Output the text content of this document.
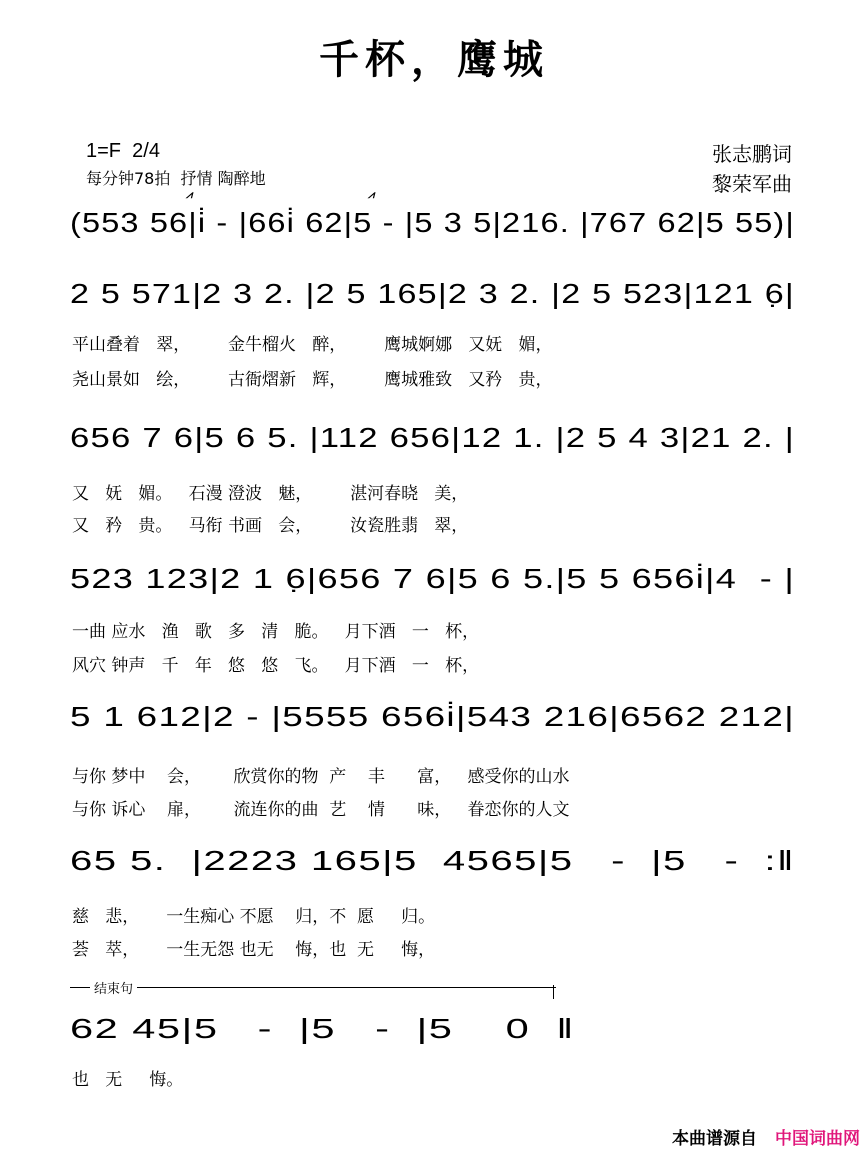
千杯，鹰城
1=F  2/4
每分钟78拍  抒情 陶醉地
张志鹏词
黎荣军曲
⩘	⩘
(553 56|i̇ - |66i̇ 62|5 - |5 3 5|216. |767 62|5 55)|
2 5 571|2 3 2. |2 5 165|2 3 2. |2 5 523|121 6̣|
平山叠着   翠，       金牛榴火   醉，       鹰城婀娜   又妩   媚，
尧山景如   绘，       古衙熠新   辉，       鹰城雅致   又矜   贵，
656 7 6|5 6 5. |112 656|12 1. |2 5 4 3|21 2. |
又   妩   媚。   石漫 澄波   魅，       湛河春晓   美，
又   矜   贵。   马衔 书画   会，       汝瓷胜翡   翠，
523 123|2 1 6̣|656 7 6|5 6 5.|5 5 656i̇|4  - |
一曲 应水   渔   歌   多   清   脆。   月下酒   一   杯，
风穴 钟声   千   年   悠   悠   飞。   月下酒   一   杯，
5 1 612|2 - |5555 656i̇|543 216|6562 212|
与你 梦中    会，      欣赏你的物  产    丰      富，   感受你的山水
与你 诉心    扉，      流连你的曲  艺    情      味，   眷恋你的人文
65 5.  |2223 165|5  4565|5   -  |5   -  :‖
慈   悲，     一生痴心 不愿    归，不  愿     归。
荟   萃，     一生无怨 也无    悔，也  无     悔，
结束句
62 45|5   -  |5   -  |5    0  ‖
也   无     悔。

本曲谱源自 中国词曲网
